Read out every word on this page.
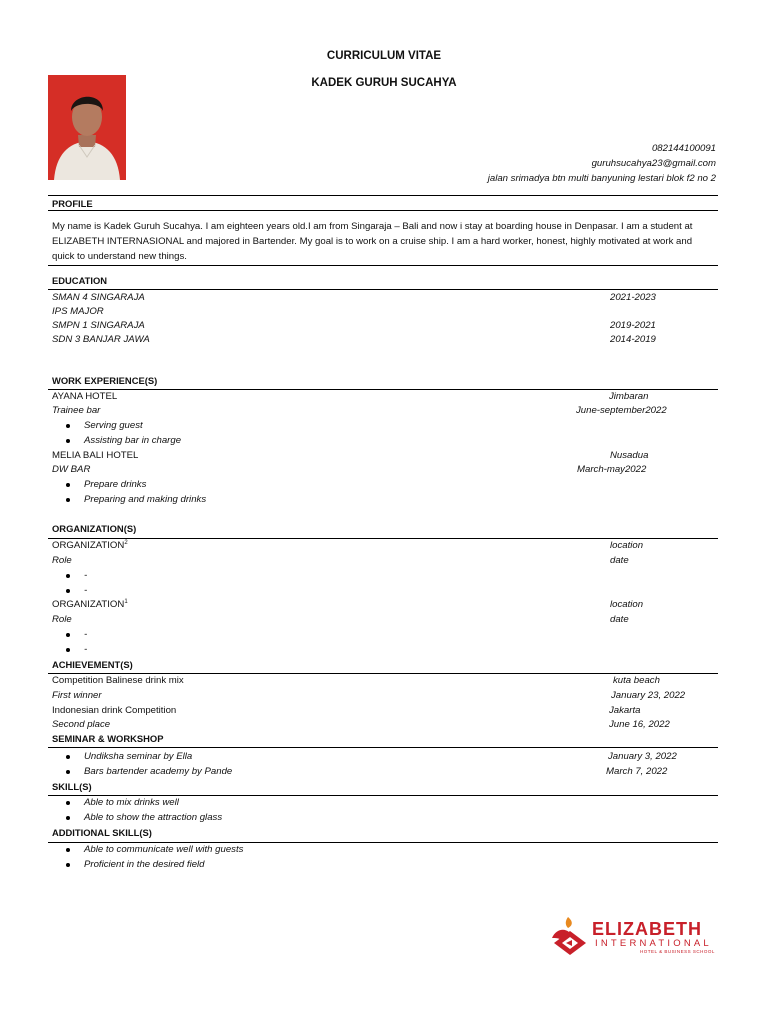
CURRICULUM VITAE
KADEK GURUH SUCAHYA
082144100091
guruhsucahya23@gmail.com
jalan srimadya btn multi banyuning lestari blok f2 no 2
PROFILE
My name is Kadek Guruh Sucahya. I am eighteen years old.I am from Singaraja – Bali and now i stay at boarding house in Denpasar. I am a student at ELIZABETH INTERNASIONAL and majored in Bartender. My goal is to work on a cruise ship. I am a hard worker, honest, highly motivated at work and quick to understand new things.
EDUCATION
SMAN 4 SINGARAJA	2021-2023
IPS MAJOR
SMPN 1 SINGARAJA	2019-2021
SDN 3 BANJAR JAWA	2014-2019
WORK EXPERIENCE(S)
AYANA HOTEL	Jimbaran
Trainee bar	June-september2022
Serving guest
Assisting bar in charge
MELIA BALI HOTEL	Nusadua
DW BAR	March-may2022
Prepare drinks
Preparing and making drinks
ORGANIZATION(S)
ORGANIZATION$^2$	location
Role	date
-
-
ORGANIZATION$^1$	location
Role	date
-
-
ACHIEVEMENT(S)
Competition Balinese drink mix	kuta beach
First winner	January 23, 2022
Indonesian drink Competition	Jakarta
Second place	June 16, 2022
SEMINAR & WORKSHOP
Undiksha seminar by Ella	January 3, 2022
Bars bartender academy by Pande	March 7, 2022
SKILL(S)
Able to mix drinks well
Able to show the attraction glass
ADDITIONAL SKILL(S)
Able to communicate well with guests
Proficient in the desired field
ELIZABETH
INTERNATIONAL
HOTEL & BUSINESS SCHOOL
